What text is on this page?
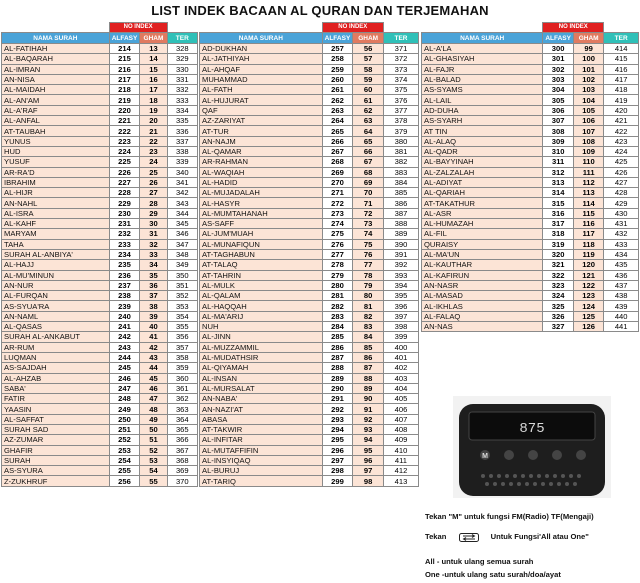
LIST INDEK BACAAN AL QURAN DAN TERJEMAHAN
	NO INDEX		
NAMA SURAH	ALFASY	GHAM	TER
AL-FATIHAH	214	13	328
AL-BAQARAH	215	14	329
AL-IMRAN	216	15	330
AN-NISA	217	16	331
AL-MAIDAH	218	17	332
AL-AN'AM	219	18	333
AL-A'RAF	220	19	334
AL-ANFAL	221	20	335
AT-TAUBAH	222	21	336
YUNUS	223	22	337
HUD	224	23	338
YUSUF	225	24	339
AR-RA'D	226	25	340
IBRAHIM	227	26	341
AL-HIJR	228	27	342
AN-NAHL	229	28	343
AL-ISRA	230	29	344
AL-KAHF	231	30	345
MARYAM	232	31	346
TAHA	233	32	347
SURAH AL-ANBIYA'	234	33	348
AL-HAJJ	235	34	349
AL-MU'MINUN	236	35	350
AN-NUR	237	36	351
AL-FURQAN	238	37	352
AS-SYUA'RA	239	38	353
AN-NAML	240	39	354
AL-QASAS	241	40	355
SURAH AL-ANKABUT	242	41	356
AR-RUM	243	42	357
LUQMAN	244	43	358
AS-SAJDAH	245	44	359
AL-AHZAB	246	45	360
SABA'	247	46	361
FATIR	248	47	362
YAASIN	249	48	363
AL-SAFFAT	250	49	364
SURAH SAD	251	50	365
AZ-ZUMAR	252	51	366
GHAFIR	253	52	367
SURAH	254	53	368
AS-SYURA	255	54	369
Z-ZUKHRUF	256	55	370
	NO INDEX		
NAMA SURAH	ALFASY	GHAM	TER
AD-DUKHAN	257	56	371
AL-JATHIYAH	258	57	372
AL-AHQAF	259	58	373
MUHAMMAD	260	59	374
AL-FATH	261	60	375
AL-HUJURAT	262	61	376
QAF	263	62	377
AZ-ZARIYAT	264	63	378
AT-TUR	265	64	379
AN-NAJM	266	65	380
AL-QAMAR	267	66	381
AR-RAHMAN	268	67	382
AL-WAQIAH	269	68	383
AL-HADID	270	69	384
AL-MUJADALAH	271	70	385
AL-HASYR	272	71	386
AL-MUMTAHANAH	273	72	387
AS-SAFF	274	73	388
AL-JUM'MUAH	275	74	389
AL-MUNAFIQUN	276	75	390
AT-TAGHABUN	277	76	391
AT-TALAQ	278	77	392
AT-TAHRIN	279	78	393
AL-MULK	280	79	394
AL-QALAM	281	80	395
AL-HAQQAH	282	81	396
AL-MA'ARIJ	283	82	397
NUH	284	83	398
AL-JINN	285	84	399
AL-MUZZAMMIL	286	85	400
AL-MUDATHSIR	287	86	401
AL-QIYAMAH	288	87	402
AL-INSAN	289	88	403
AL-MURSALAT	290	89	404
AN-NABA'	291	90	405
AN-NAZI'AT	292	91	406
ABASA	293	92	407
AT-TAKWIR	294	93	408
AL-INFITAR	295	94	409
AL-MUTAFFIFIN	296	95	410
AL-INSYIQAQ	297	96	411
AL-BURUJ	298	97	412
AT-TARIQ	299	98	413
	NO INDEX		
NAMA SURAH	ALFASY	GHAM	TER
AL-A'LA	300	99	414
AL-GHASIYAH	301	100	415
AL-FAJR	302	101	416
AL-BALAD	303	102	417
AS-SYAMS	304	103	418
AL-LAIL	305	104	419
AD-DUHA	306	105	420
AS-SYARH	307	106	421
AT TIN	308	107	422
AL-ALAQ	309	108	423
AL-QADR	310	109	424
AL-BAYYINAH	311	110	425
AL-ZALZALAH	312	111	426
AL-ADIYAT	313	112	427
AL-QARIAH	314	113	428
AT-TAKATHUR	315	114	429
AL-ASR	316	115	430
AL-HUMAZAH	317	116	431
AL-FIL	318	117	432
QURAISY	319	118	433
AL-MA'UN	320	119	434
AL-KAUTHAR	321	120	435
AL-KAFIRUN	322	121	436
AN-NASR	323	122	437
AL-MASAD	324	123	438
AL-IKHLAS	325	124	439
AL-FALAQ	326	125	440
AN-NAS	327	126	441
875
M
Tekan "M" untuk fungsi FM(Radio) TF(Mengaji)
Tekan	Untuk Fungsi'All atau One"
All - untuk ulang semua surah
One -untuk ulang satu surah/doa/ayat
